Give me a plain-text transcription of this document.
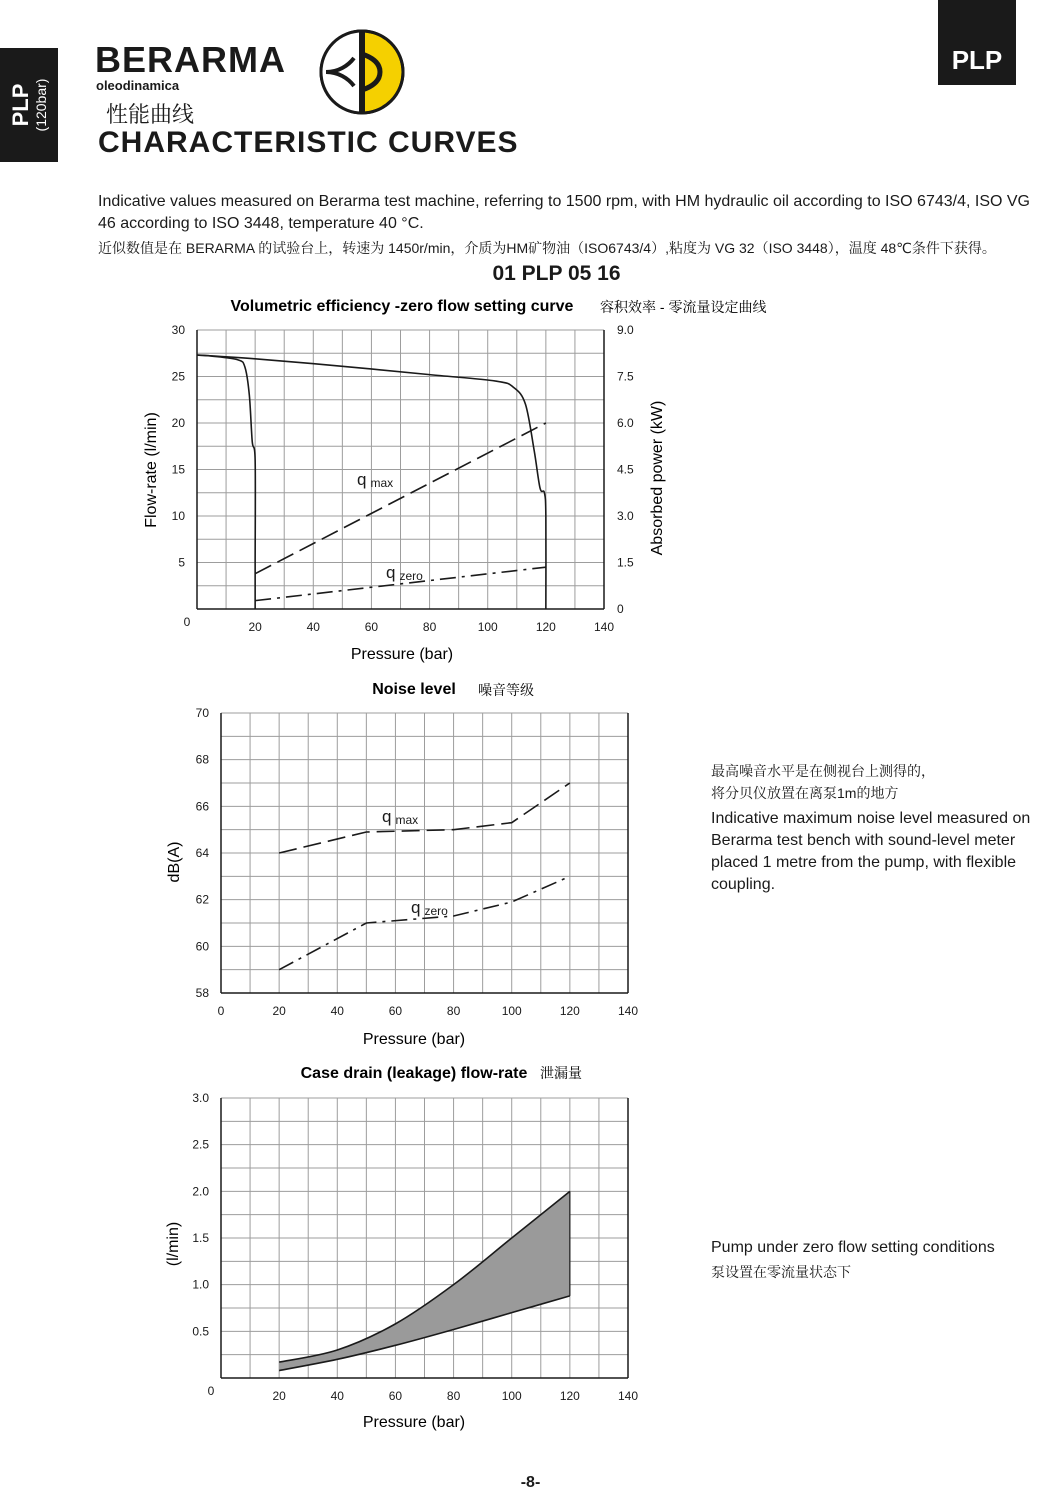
PLP (120bar)
PLP
BERARMA
oleodinamica
性能曲线
CHARACTERISTIC CURVES
Indicative values measured on Berarma test machine, referring to 1500 rpm, with HM hydraulic oil according to ISO 6743/4, ISO VG 46 according to ISO 3448, temperature 40 °C.
近似数值是在 BERARMA 的试验台上，转速为 1450r/min，介质为HM矿物油（ISO6743/4）,粘度为 VG 32（ISO 3448），温度 48℃条件下获得。
01 PLP 05 16
Volumetric efficiency -zero flow setting curve 容积效率 - 零流量设定曲线
20	40	60	80	100	120	140
0
5
10
15
20
25
30
0
1.5
3.0
4.5
6.0
7.5
9.0
q max
q zero
Pressure (bar)
Flow-rate (l/min)	Absorbed power (kW)
Noise level 噪音等级
0	20	40	60	80	100	120	140
58
60
62
64
66
68
70
q max
q zero
Pressure (bar)
dB(A)
Case drain (leakage) flow-rate 泄漏量
20	40	60	80	100	120	140
0
0.5
1.0
1.5
2.0
2.5
3.0
Pressure (bar)
(l/min)
最高噪音水平是在侧视台上测得的，
将分贝仪放置在离泵1m的地方
Indicative maximum noise level measured on Berarma test bench with sound-level meter placed 1 metre from the pump, with flexible coupling.
Pump under zero flow setting conditions
泵设置在零流量状态下
-8-
